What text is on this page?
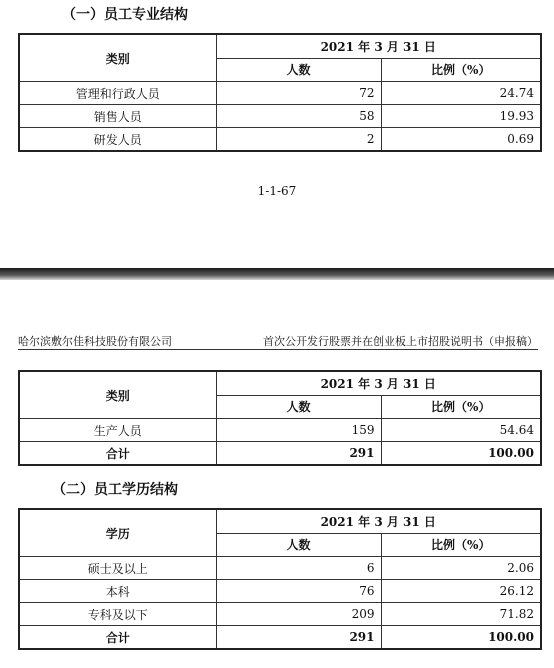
（一）员工专业结构
类别	2021 年 3 月 31 日	
	人数	比例（%）
管理和行政人员	72	24.74
销售人员	58	19.93
研发人员	2	0.69
1-1-67
哈尔滨敷尔佳科技股份有限公司	首次公开发行股票并在创业板上市招股说明书（申报稿）
类别	2021 年 3 月 31 日	
	人数	比例（%）
生产人员	159	54.64
合计	291	100.00
（二）员工学历结构
学历	2021 年 3 月 31 日	
	人数	比例（%）
硕士及以上	6	2.06
本科	76	26.12
专科及以下	209	71.82
合计	291	100.00
